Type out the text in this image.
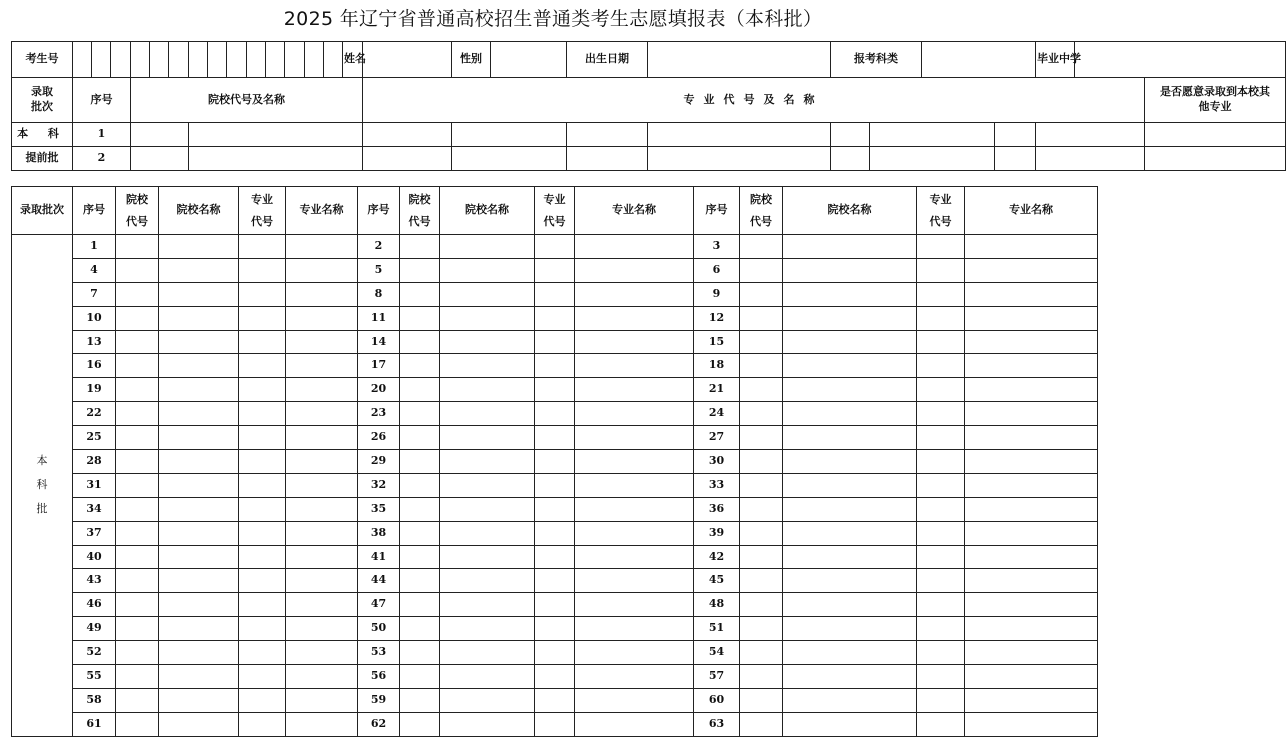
2025 年辽宁省普通高校招生普通类考生志愿填报表（本科批）
考生号															姓名		性别		出生日期		报考科类				毕业中学		
录取批次	序号			院校代号及名称												专业代号及名称											是否愿意录取到本校其他专业
本 科	1																										
提前批	2																										
录取批次	序号	院校代号	院校名称	专业代号	专业名称	序号	院校代号	院校名称	专业代号	专业名称	序号	院校代号	院校名称	专业代号	专业名称

本
科
批	1					2					3				
	4					5					6				
	7					8					9				
	10					11					12				
	13					14					15				
	16					17					18				
	19					20					21				
	22					23					24				
	25					26					27				
	28					29					30				
	31					32					33				
	34					35					36				
	37					38					39				
	40					41					42				
	43					44					45				
	46					47					48				
	49					50					51				
	52					53					54				
	55					56					57				
	58					59					60				
	61					62					63				
